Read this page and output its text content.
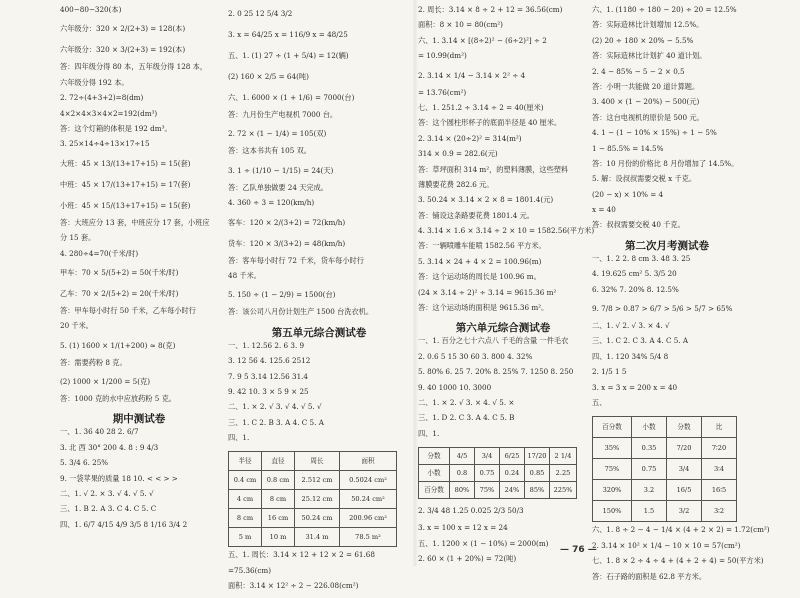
400−80−320(本)
六年级分：320 × 2/(2+3) = 128(本)
六年级分：320 × 3/(2+3) = 192(本)
答：四年级分得 80 本，五年级分得 128 本，
六年级分得 192 本。
2. 72÷(4+3+2)=8(dm)
4×2×4×3×4×2=192(dm³)
答：这个灯箱的体积是 192 dm³。
3. 25×14÷4÷13×17÷15
大班：45 × 13/(13+17+15) = 15(套)
中班：45 × 17/(13+17+15) = 17(套)
小班：45 × 15/(13+17+15) = 15(套)
答：大班应分 13 套，中班应分 17 套，小班应
分 15 套。
4. 280÷4=70(千米/时)
甲车：70 × 5/(5+2) = 50(千米/时)
乙车：70 × 2/(5+2) = 20(千米/时)
答：甲车每小时行 50 千米，乙车每小时行
20 千米。
5. (1) 1600 × 1/(1+200) ≈ 8(克)
答：需要药粉 8 克。
(2) 1000 × 1/200 = 5(克)
答：1000 克的水中应放药粉 5 克。
期中测试卷
一、1. 36 40 28 2. 6/7
3. 北 西 30° 200 4. 8 : 9 4/3
5. 3/4 6. 25%
9. 一袋苹果的质量 18 10. < < > >
二、1. √ 2. × 3. √ 4. √ 5. √
三、1. B 2. A 3. C 4. C 5. C
四、1. 6/7 4/15 4/9 3/5 8 1/16 3/4 2
2. 0 25 12 5/4 3/2
3. x = 64/25 x = 116/9 x = 48/25
五、1. (1) 27 ÷ (1 + 5/4) = 12(辆)
(2) 160 × 2/5 = 64(吨)
六、1. 6000 × (1 + 1/6) = 7000(台)
答：九月份生产电视机 7000 台。
2. 72 × (1 − 1/4) = 105(双)
答：这本书共有 105 双。
3. 1 ÷ (1/10 − 1/15) = 24(天)
答：乙队单独做要 24 天完成。
4. 360 ÷ 3 = 120(km/h)
客车：120 × 2/(3+2) = 72(km/h)
货车：120 × 3/(3+2) = 48(km/h)
答：客车每小时行 72 千米，货车每小时行
48 千米。
5. 150 ÷ (1 − 2/9) = 1500(台)
答：该公司八月份计划生产 1500 台洗衣机。
第五单元综合测试卷
一、1. 12.56 2. 6 3. 9
3. 12 56 4. 125.6 2512
7. 9 5 3.14 12.56 31.4
9. 42 10. 3 × 5 9 × 25
二、1. × 2. √ 3. √ 4. √ 5. √
三、1. C 2. B 3. A 4. C 5. A
四、1.
半径	直径	周长	面积
0.4 cm	0.8 cm	2.512 cm	0.5024 cm²
4 cm	8 cm	25.12 cm	50.24 cm²
8 cm	16 cm	50.24 cm	200.96 cm²
5 m	10 m	31.4 m	78.5 m²
五、1. 周长：3.14 × 12 + 12 × 2 = 61.68
=75.36(cm)
面积：3.14 × 12² ÷ 2 − 226.08(cm²)
2. 周长：3.14 × 8 ÷ 2 + 12 = 36.56(cm)
面积：8 × 10 = 80(cm²)
六、1. 3.14 × [(8÷2)² − (6÷2)²] ÷ 2
= 10.99(dm²)
2. 3.14 × 1/4 − 3.14 × 2² ÷ 4
= 13.76(cm²)
七、1. 251.2 ÷ 3.14 ÷ 2 = 40(厘米)
答：这个圆柱形杯子的底面半径是 40 厘米。
2. 3.14 × (20÷2)² = 314(m²)
314 × 0.9 = 282.6(元)
答：草坪面积 314 m²，的塑料薄膜，这些塑料
薄膜要花费 282.6 元。
3. 50.24 × 3.14 × 2 × 8 = 1801.4(元)
答：铺设这条路要花费 1801.4 元。
4. 3.14 × 1.6 × 3.14 ÷ 2 × 10 = 1582.56(平方米)
答：一辆喷雕车能喷 1582.56 平方米。
5. 3.14 × 24 + 4 × 2 = 100.96(m)
答：这个运动场的周长是 100.96 m。
(24 × 3.14 ÷ 2)² ÷ 3.14 = 9615.36 m²
答：这个运动场的面积是 9615.36 m²。
第六单元综合测试卷
一、1. 百分之七十六点八 千毛的含量 一件毛衣
2. 0.6 5 15 30 60 3. 800 4. 32%
5. 80% 6. 25 7. 20% 8. 25% 7. 1250 8. 250
9. 40 1000 10. 3000
二、1. × 2. √ 3. × 4. √ 5. ×
三、1. D 2. C 3. A 4. C 5. B
四、1.
分数	4/5	3/4	6/25	17/20	2 1/4
小数	0.8	0.75	0.24	0.85	2.25
百分数	80%	75%	24%	85%	225%
2. 3/4 48 1.25 0.025 2/3 50/3
3. x = 100 x = 12 x = 24
五、1. 1200 × (1 − 10%) = 2000(m)
2. 60 × (1 + 20%) = 72(吨)
六、1. (1180 ÷ 180 − 20) ÷ 20 = 12.5%
答：实际造林比计划增加 12.5%。
(2) 20 ÷ 180 × 20% − 5.5%
答：实际造林比计划扩 40 道计划。
2. 4 − 85% − 5 − 2 × 0.5
答：小明一共能做 20 道计算题。
3. 400 × (1 − 20%) − 500(元)
答：这台电视机的原价是 500 元。
4. 1 − (1 − 10% × 15%) ÷ 1 − 5%
1 − 85.5% = 14.5%
答：10 月份的价格比 8 月份增加了 14.5%。
5. 解：设叔叔需要交税 x 千克。
(20 − x) × 10% = 4
x = 40
答：叔叔需要交税 40 千克。
第二次月考测试卷
一、1. 2 2. 8 cm 3. 48 3. 25
4. 19.625 cm² 5. 3/5 20
6. 32% 7. 20% 8. 12.5%
9. 7/8 > 0.87 > 6/7 > 5/6 > 5/7 > 65%
二、1. √ 2. √ 3. × 4. √
三、1. C 2. C 3. A 4. C 5. A
四、1. 120 34% 5/4 8
2. 1/5 1 5
3. x = 3 x = 200 x = 40
五、
百分数	小数	分数	比
35%	0.35	7/20	7∶20
75%	0.75	3/4	3∶4
320%	3.2	16/5	16∶5
150%	1.5	3/2	3∶2
六、1. 8 ÷ 2 − 4 − 1/4 × (4 + 2 × 2) = 1.72(cm²)
2. 3.14 × 10² × 1/4 − 10 × 10 = 57(cm²)
七、1. 8 × 2 ÷ 4 ÷ 4 + (4 + 2 + 4) = 50(平方米)
答：石子路的面积是 62.8 平方米。
— 76 —
